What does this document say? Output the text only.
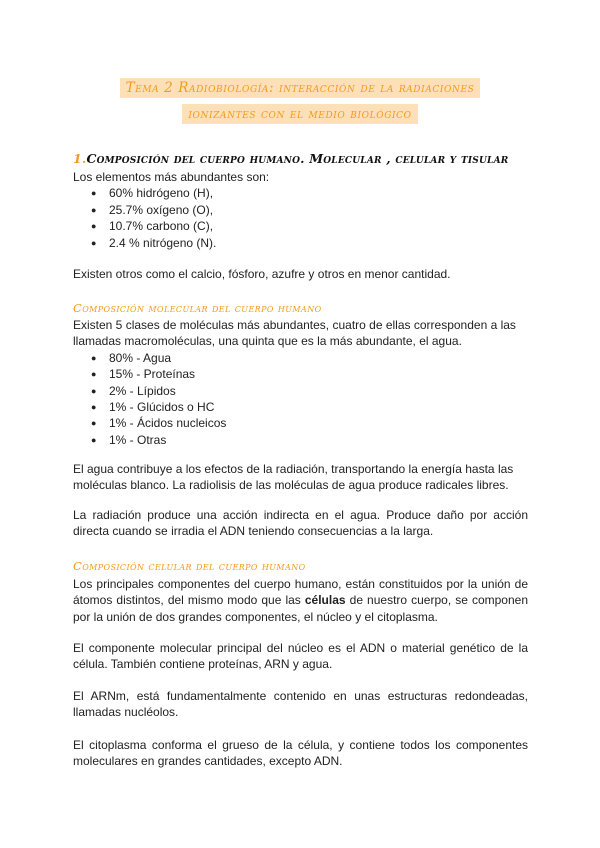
Tema 2 Radiobiología: interacción de la radiaciones
ionizantes con el medio biológico
1.Composición del cuerpo humano. Molecular , celular y tisular

Los elementos más abundantes son:

● 60% hidrógeno (H),
● 25.7% oxígeno (O),
● 10.7% carbono (C),
● 2.4 % nitrógeno (N).

Existen otros como el calcio, fósforo, azufre y otros en menor cantidad.

Composición molecular del cuerpo humano

Existen 5 clases de moléculas más abundantes, cuatro de ellas corresponden a las llamadas macromoléculas, una quinta que es la más abundante, el agua.

● 80% - Agua
● 15% - Proteínas
● 2% - Lípidos
● 1% - Glúcidos o HC
● 1% - Ácidos nucleicos
● 1% - Otras

El agua contribuye a los efectos de la radiación, transportando la energía hasta las moléculas blanco. La radiolisis de las moléculas de agua produce radicales libres.

La radiación produce una acción indirecta en el agua. Produce daño por acción directa cuando se irradia el ADN teniendo consecuencias a la larga.

Composición celular del cuerpo humano

Los principales componentes del cuerpo humano, están constituidos por la unión de átomos distintos, del mismo modo que las células de nuestro cuerpo, se componen por la unión de dos grandes componentes, el núcleo y el citoplasma.

El componente molecular principal del núcleo es el ADN o material genético de la célula. También contiene proteínas, ARN y agua.

El ARNm, está fundamentalmente contenido en unas estructuras redondeadas, llamadas nucléolos.

El citoplasma conforma el grueso de la célula, y contiene todos los componentes moleculares en grandes cantidades, excepto ADN.
